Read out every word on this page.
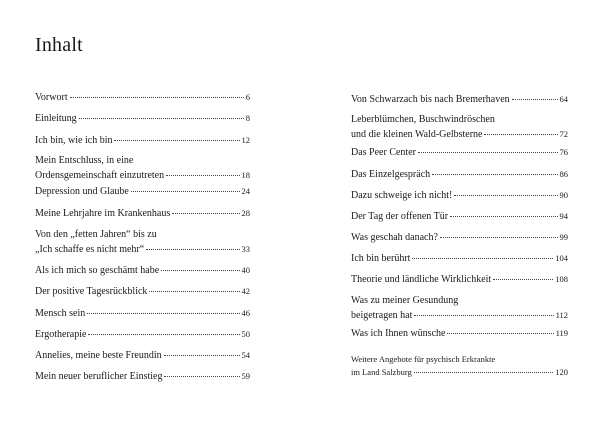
Inhalt
Vorwort	6
Einleitung	8
Ich bin, wie ich bin	12
Mein Entschluss, in eine
Ordensgemeinschaft einzutreten	18
Depression und Glaube	24
Meine Lehrjahre im Krankenhaus	28
Von den „fetten Jahren“ bis zu
„Ich schaffe es nicht mehr“	33
Als ich mich so geschämt habe	40
Der positive Tagesrückblick	42
Mensch sein	46
Ergotherapie	50
Annelies, meine beste Freundin	54
Mein neuer beruflicher Einstieg	59
Von Schwarzach bis nach Bremerhaven	64
Leberblümchen, Buschwindröschen
und die kleinen Wald-Gelbsterne	72
Das Peer Center	76
Das Einzelgespräch	86
Dazu schweige ich nicht!	90
Der Tag der offenen Tür	94
Was geschah danach?	99
Ich bin berührt	104
Theorie und ländliche Wirklichkeit	108
Was zu meiner Gesundung
beigetragen hat	112
Was ich Ihnen wünsche	119
Weitere Angebote für psychisch Erkrankte
im Land Salzburg	120
